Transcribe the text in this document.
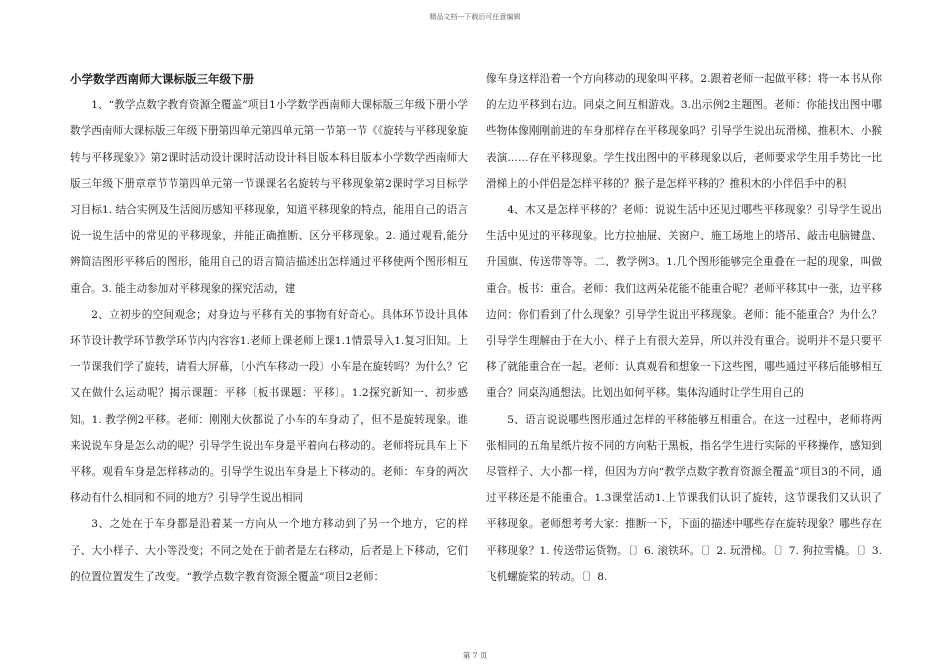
精品文档---下载后可任意编辑

小学数学西南师大课标版三年级下册

1、“教学点数字教育资源全覆盖”项目1小学数学西南师大课标版三年级下册小学数学西南师大课标版三年级下册第四单元第四单元第一节第一节《《旋转与平移现象旋转与平移现象》》第2课时活动设计课时活动设计科目版本科目版本小学数学西南师大版三年级下册章章节节第四单元第一节课课名名旋转与平移现象第2课时学习目标学习目标1. 结合实例及生活阅历感知平移现象，知道平移现象的特点，能用自己的语言说一说生活中的常见的平移现象，并能正确推断、区分平移现象。2. 通过观看,能分辨简洁图形平移后的图形，能用自己的语言简洁描述出怎样通过平移使两个图形相互重合。3. 能主动参加对平移现象的探究活动，建

2、立初步的空间观念；对身边与平移有关的事物有好奇心。具体环节设计具体环节设计教学环节教学环节内内容容1.老师上课老师上课1.1情景导入1.复习旧知。上一节课我们学了旋转，请看大屏幕，〔小汽车移动一段〕小车是在旋转吗？为什么？它又在做什么运动呢？揭示课题：平移〔板书课题：平移〕。1.2探究新知一、初步感知。1. 教学例2平移。老师：刚刚大伙都说了小车的车身动了，但不是旋转现象。谁来说说车身是怎么动的呢？引导学生说出车身是平着向右移动的。老师将玩具车上下平移。观看车身是怎样移动的。引导学生说出车身是上下移动的。老师：车身的两次移动有什么相同和不同的地方？引导学生说出相同

3、之处在于车身都是沿着某一方向从一个地方移动到了另一个地方，它的样子、大小样子、大小等没变；不同之处在于前者是左右移动，后者是上下移动，它们的位置位置发生了改变。“教学点数字教育资源全覆盖”项目2老师：

像车身这样沿着一个方向移动的现象叫平移。2.跟着老师一起做平移：将一本书从你的左边平移到右边。同桌之间互相游戏。3.出示例2主题图。老师：你能找出图中哪些物体像刚刚前进的车身那样存在平移现象吗？引导学生说出玩滑梯、推积木、小猴表演……存在平移现象。学生找出图中的平移现象以后，老师要求学生用手势比一比滑梯上的小伴侣是怎样平移的？猴子是怎样平移的？推积木的小伴侣手中的积

4、木又是怎样平移的？老师：说说生活中还见过哪些平移现象？引导学生说出生活中见过的平移现象。比方拉抽屉、关窗户、施工场地上的塔吊、敲击电脑键盘、升国旗、传送带等等。二、教学例3。1.几个图形能够完全重叠在一起的现象，叫做重合。板书：重合。老师：我们这两朵花能不能重合呢？老师平移其中一张，边平移边问：你们看到了什么现象？引导学生说出平移现象。老师：能不能重合？为什么？引导学生理解由于在大小、样子上有很大差异，所以并没有重合。说明并不是只要平移了就能重合在一起。老师：认真观看和想象一下这些图，哪些通过平移后能够相互重合？同桌沟通想法。比划出如何平移。集体沟通时让学生用自己的

5、语言说说哪些图形通过怎样的平移能够互相重合。在这一过程中，老师将两张相同的五角星纸片按不同的方向粘于黑板，指名学生进行实际的平移操作，感知到尽管样子、大小都一样，但因为方向“教学点数字教育资源全覆盖”项目3的不同，通过平移还是不能重合。1.3课堂活动1.上节课我们认识了旋转，这节课我们又认识了平移现象。老师想考考大家：推断一下，下面的描述中哪些存在旋转现象？哪些存在平移现象？1. 传送带运货物。〔〕6. 滚铁环。〔〕2. 玩滑梯。〔〕7. 狗拉雪橇。〔〕3. 飞机螺旋桨的转动。〔〕8.

第 7 页
